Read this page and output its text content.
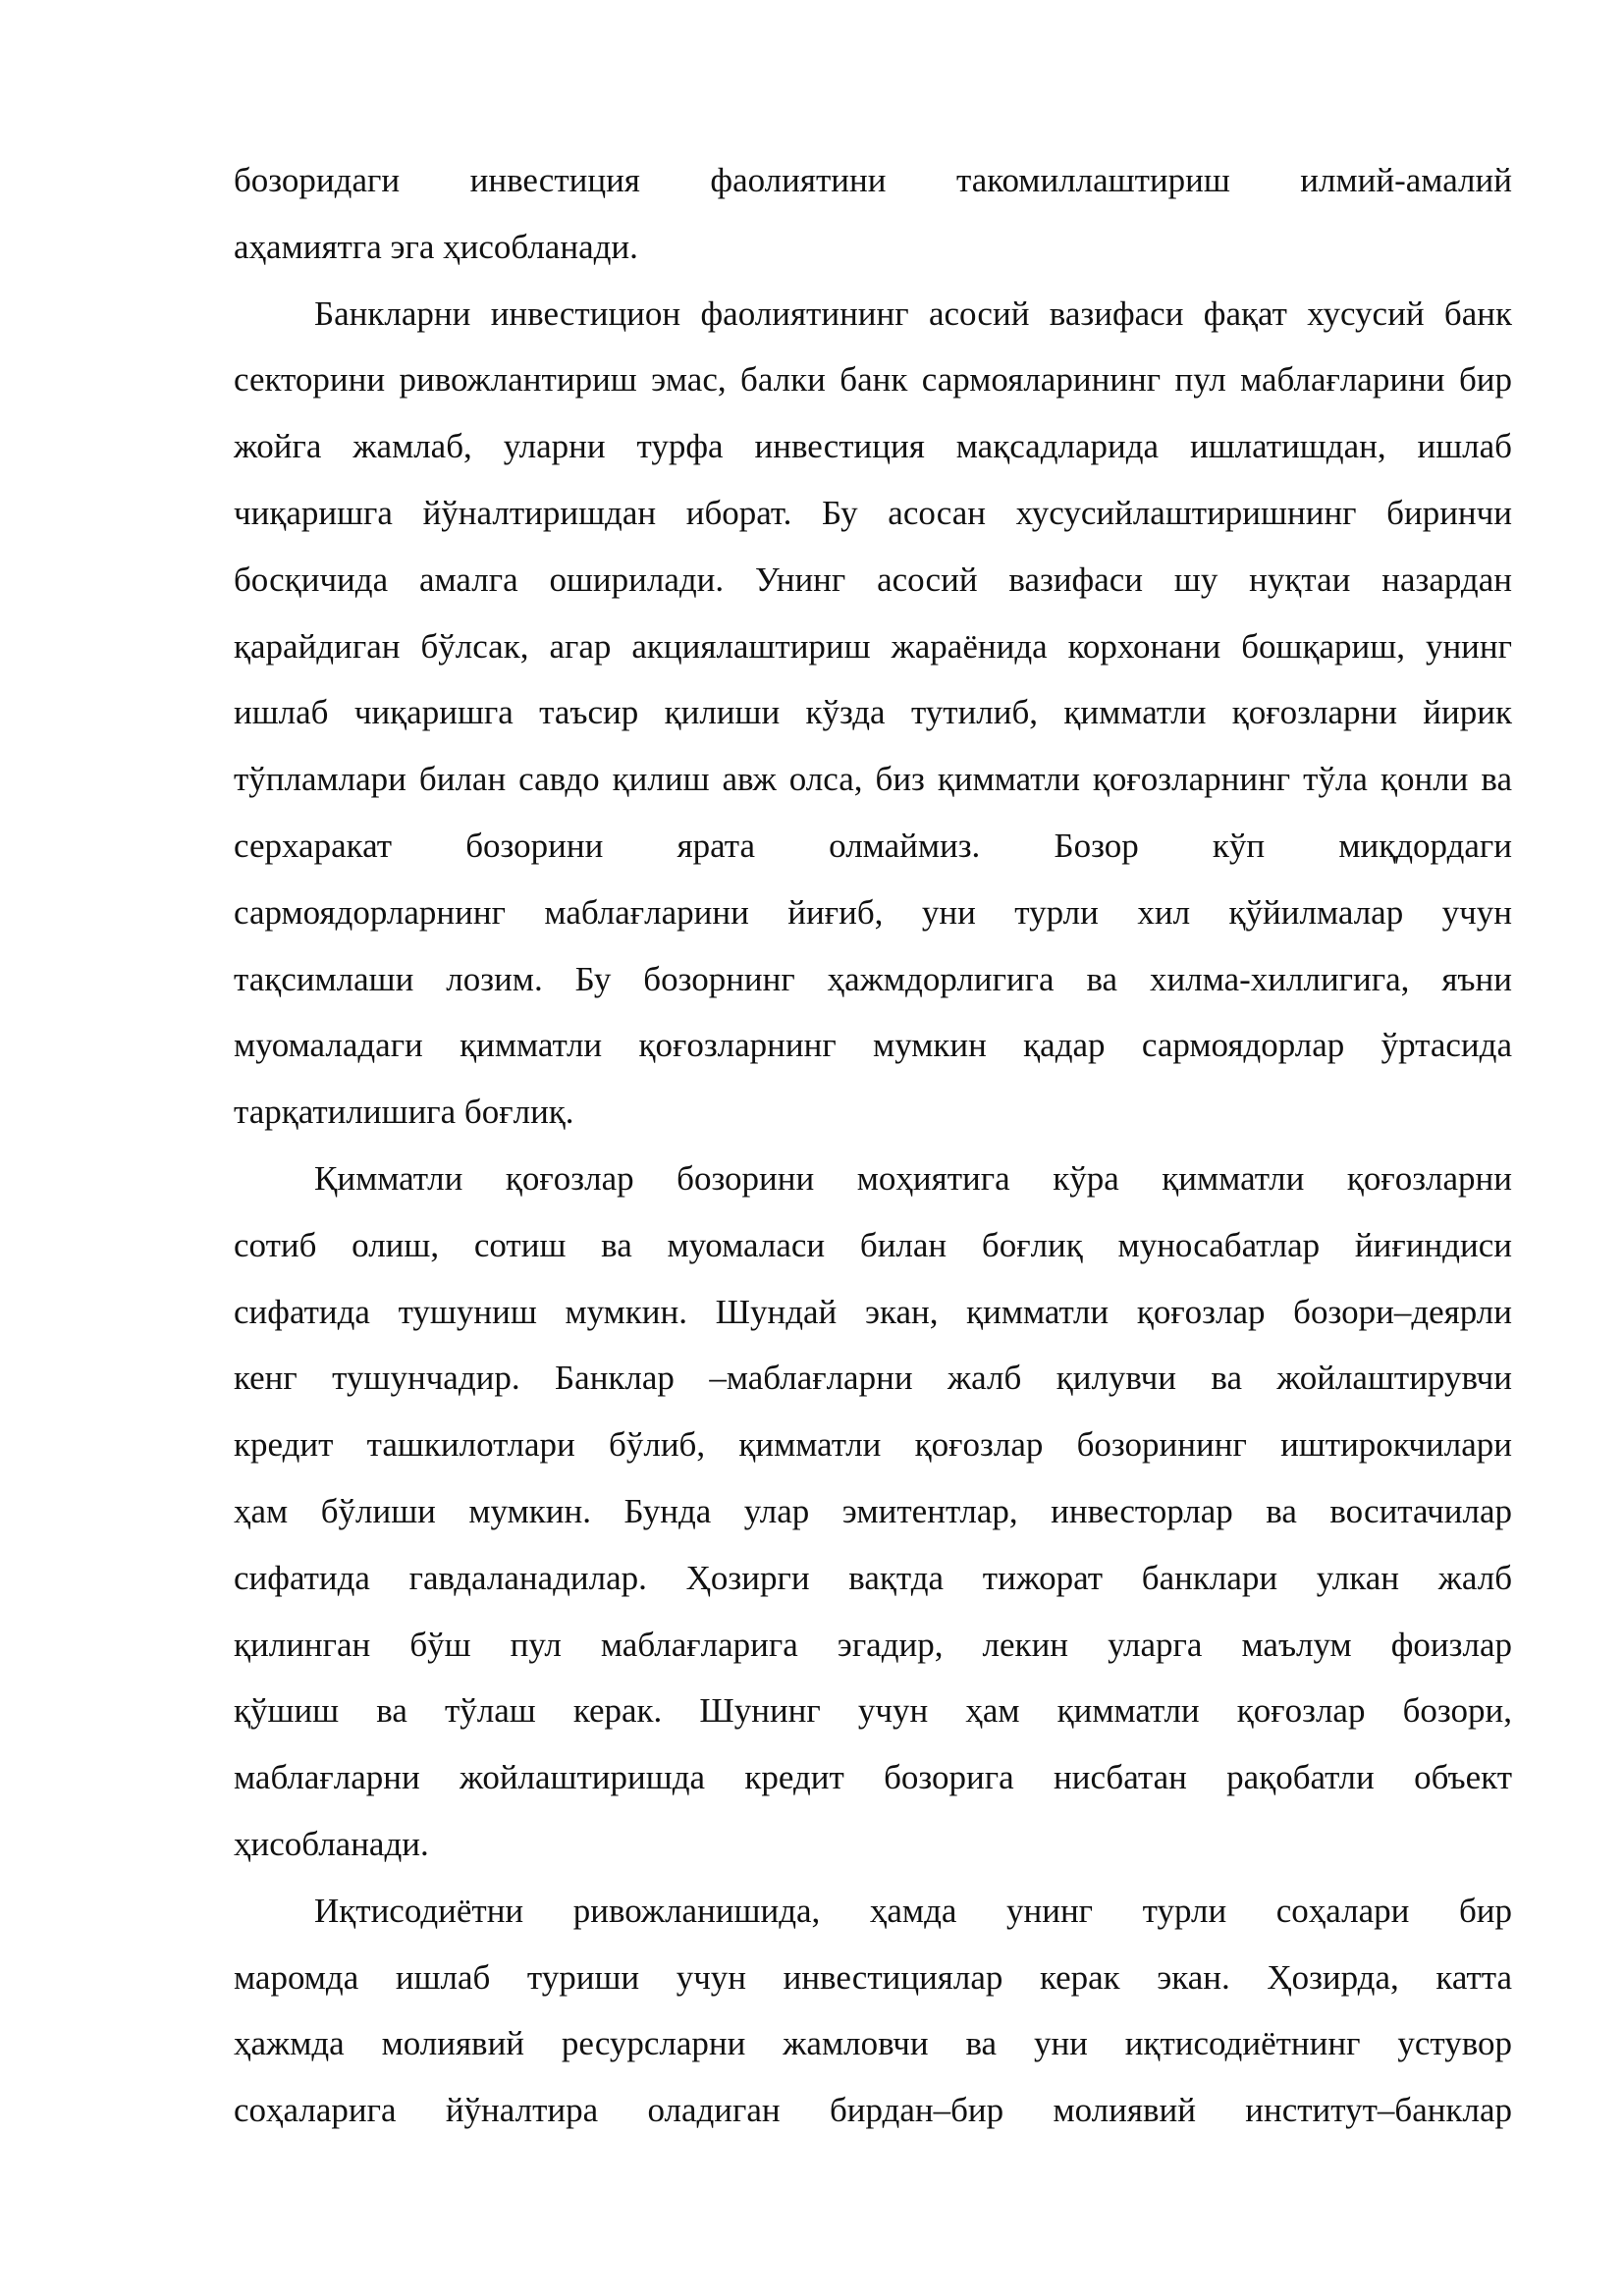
бозоридаги инвестиция фаолиятини такомиллаштириш илмий-амалий

аҳамиятга эга ҳисобланади.

Банкларни инвестицион фаолиятининг асосий вазифаси фақат хусусий банк

секторини ривожлантириш эмас, балки банк сармояларининг пул маблағларини бир

жойга жамлаб, уларни турфа инвестиция мақсадларида ишлатишдан, ишлаб

чиқаришга йўналтиришдан иборат. Бу асосан хусусийлаштиришнинг биринчи

босқичида амалга оширилади. Унинг асосий вазифаси шу нуқтаи назардан

қарайдиган бўлсак, агар акциялаштириш жараёнида корхонани бошқариш, унинг

ишлаб чиқаришга таъсир қилиши кўзда тутилиб, қимматли қоғозларни йирик

тўпламлари билан савдо қилиш авж олса, биз қимматли қоғозларнинг тўла қонли ва

серхаракат бозорини ярата олмаймиз. Бозор кўп миқдордаги

сармоядорларнинг маблағларини йиғиб, уни турли хил қўйилмалар учун

тақсимлаши лозим. Бу бозорнинг ҳажмдорлигига ва хилма-хиллигига, яъни

муомаладаги қимматли қоғозларнинг мумкин қадар сармоядорлар ўртасида

тарқатилишига боғлиқ.

Қимматли қоғозлар бозорини моҳиятига кўра қимматли қоғозларни

сотиб олиш, сотиш ва муомаласи билан боғлиқ муносабатлар йиғиндиси

сифатида тушуниш мумкин. Шундай экан, қимматли қоғозлар бозори–деярли

кенг тушунчадир. Банклар –маблағларни жалб қилувчи ва жойлаштирувчи

кредит ташкилотлари бўлиб, қимматли қоғозлар бозорининг иштирокчилари

ҳам бўлиши мумкин. Бунда улар эмитентлар, инвесторлар ва воситачилар

сифатида гавдаланадилар. Ҳозирги вақтда тижорат банклари улкан жалб

қилинган бўш пул маблағларига эгадир, лекин уларга маълум фоизлар

қўшиш ва тўлаш керак. Шунинг учун ҳам қимматли қоғозлар бозори,

маблағларни жойлаштиришда кредит бозорига нисбатан рақобатли объект

ҳисобланади.

Иқтисодиётни ривожланишида, ҳамда унинг турли соҳалари бир

маромда ишлаб туриши учун инвестициялар керак экан. Ҳозирда, катта

ҳажмда молиявий ресурсларни жамловчи ва уни иқтисодиётнинг устувор

соҳаларига йўналтира оладиган бирдан–бир молиявий институт–банклар
